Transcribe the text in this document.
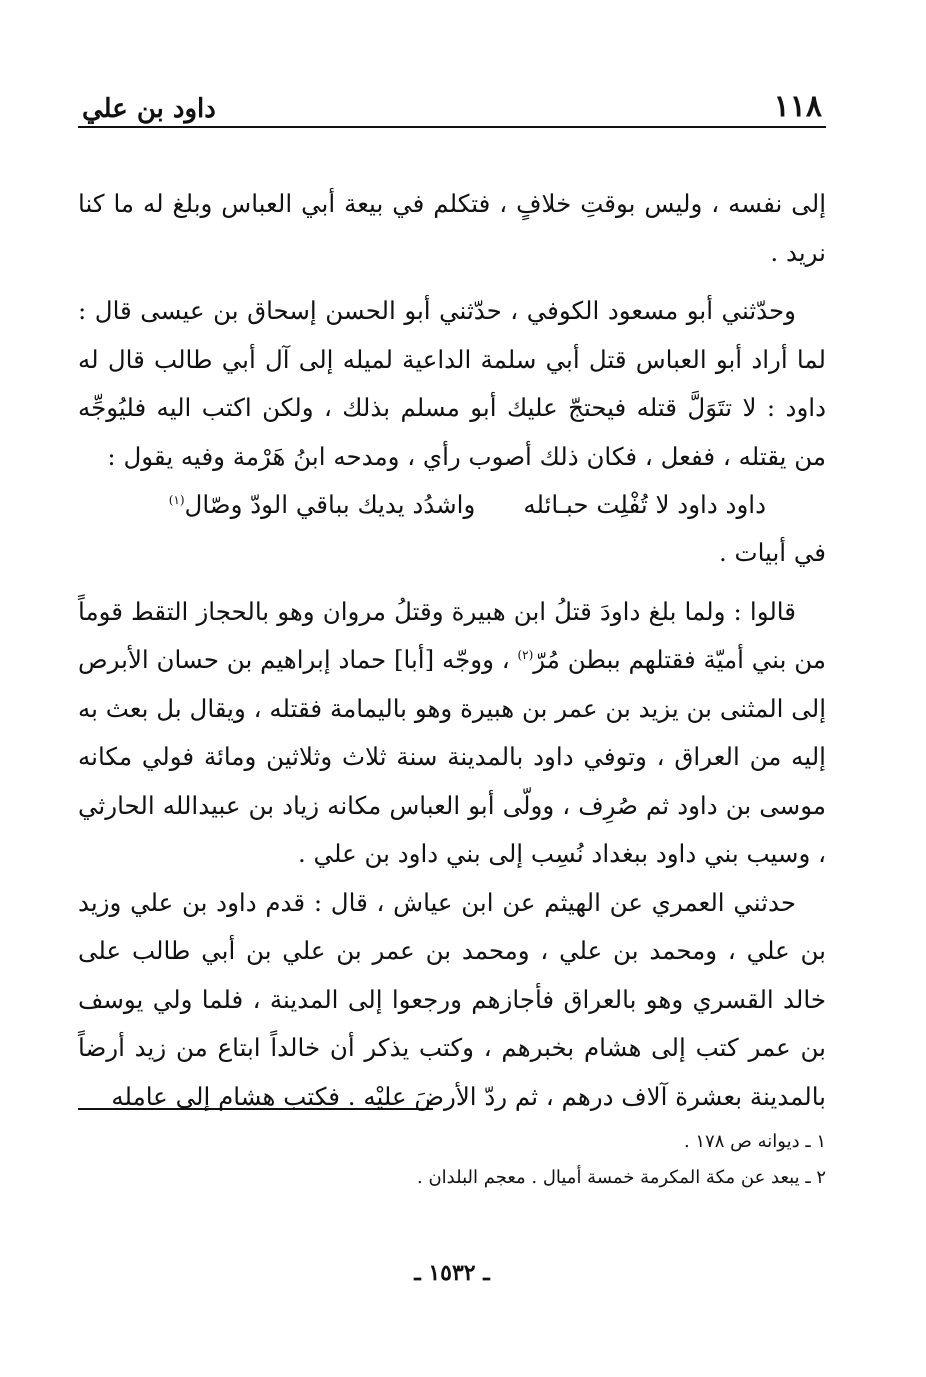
١١٨
داود بن علي

إلى نفسه ، وليس بوقتِ خلافٍ ، فتكلم في بيعة أبي العباس وبلغ له ما كنا نريد .

وحدّثني أبو مسعود الكوفي ، حدّثني أبو الحسن إسحاق بن عيسى قال : لما أراد أبو العباس قتل أبي سلمة الداعية لميله إلى آل أبي طالب قال له داود : لا تتَوَلَّ قتله فيحتجّ عليك أبو مسلم بذلك ، ولكن اكتب اليه فليُوجِّه من يقتله ، ففعل ، فكان ذلك أصوب رأي ، ومدحه ابنُ هَرْمة وفيه يقول :

داود داود لا تُفْلِت حبـائله
واشدُد يديك بباقي الودّ وصّال$^{(١)}$

في أبيات .

قالوا : ولما بلغ داودَ قتلُ ابن هبيرة وقتلُ مروان وهو بالحجاز التقط قوماً من بني أميّة فقتلهم ببطن مُرّ$^{(٢)}$ ، ووجّه [أبا] حماد إبراهيم بن حسان الأبرص إلى المثنى بن يزيد بن عمر بن هبيرة وهو باليمامة فقتله ، ويقال بل بعث به إليه من العراق ، وتوفي داود بالمدينة سنة ثلاث وثلاثين ومائة فولي مكانه موسى بن داود ثم صُرِف ، وولّى أبو العباس مكانه زياد بن عبيدالله الحارثي ، وسيب بني داود ببغداد نُسِب إلى بني داود بن علي .

حدثني العمري عن الهيثم عن ابن عياش ، قال : قدم داود بن علي وزيد بن علي ، ومحمد بن علي ، ومحمد بن عمر بن علي بن أبي طالب على خالد القسري وهو بالعراق فأجازهم ورجعوا إلى المدينة ، فلما ولي يوسف بن عمر كتب إلى هشام بخبرهم ، وكتب يذكر أن خالداً ابتاع من زيد أرضاً بالمدينة بعشرة آلاف درهم ، ثم ردّ الأرضَ عليْه . فكتب هشام إلى عامله

١ ـ ديوانه ص ١٧٨ .

٢ ـ يبعد عن مكة المكرمة خمسة أميال . معجم البلدان .

ـ ١٥٣٢ ـ
